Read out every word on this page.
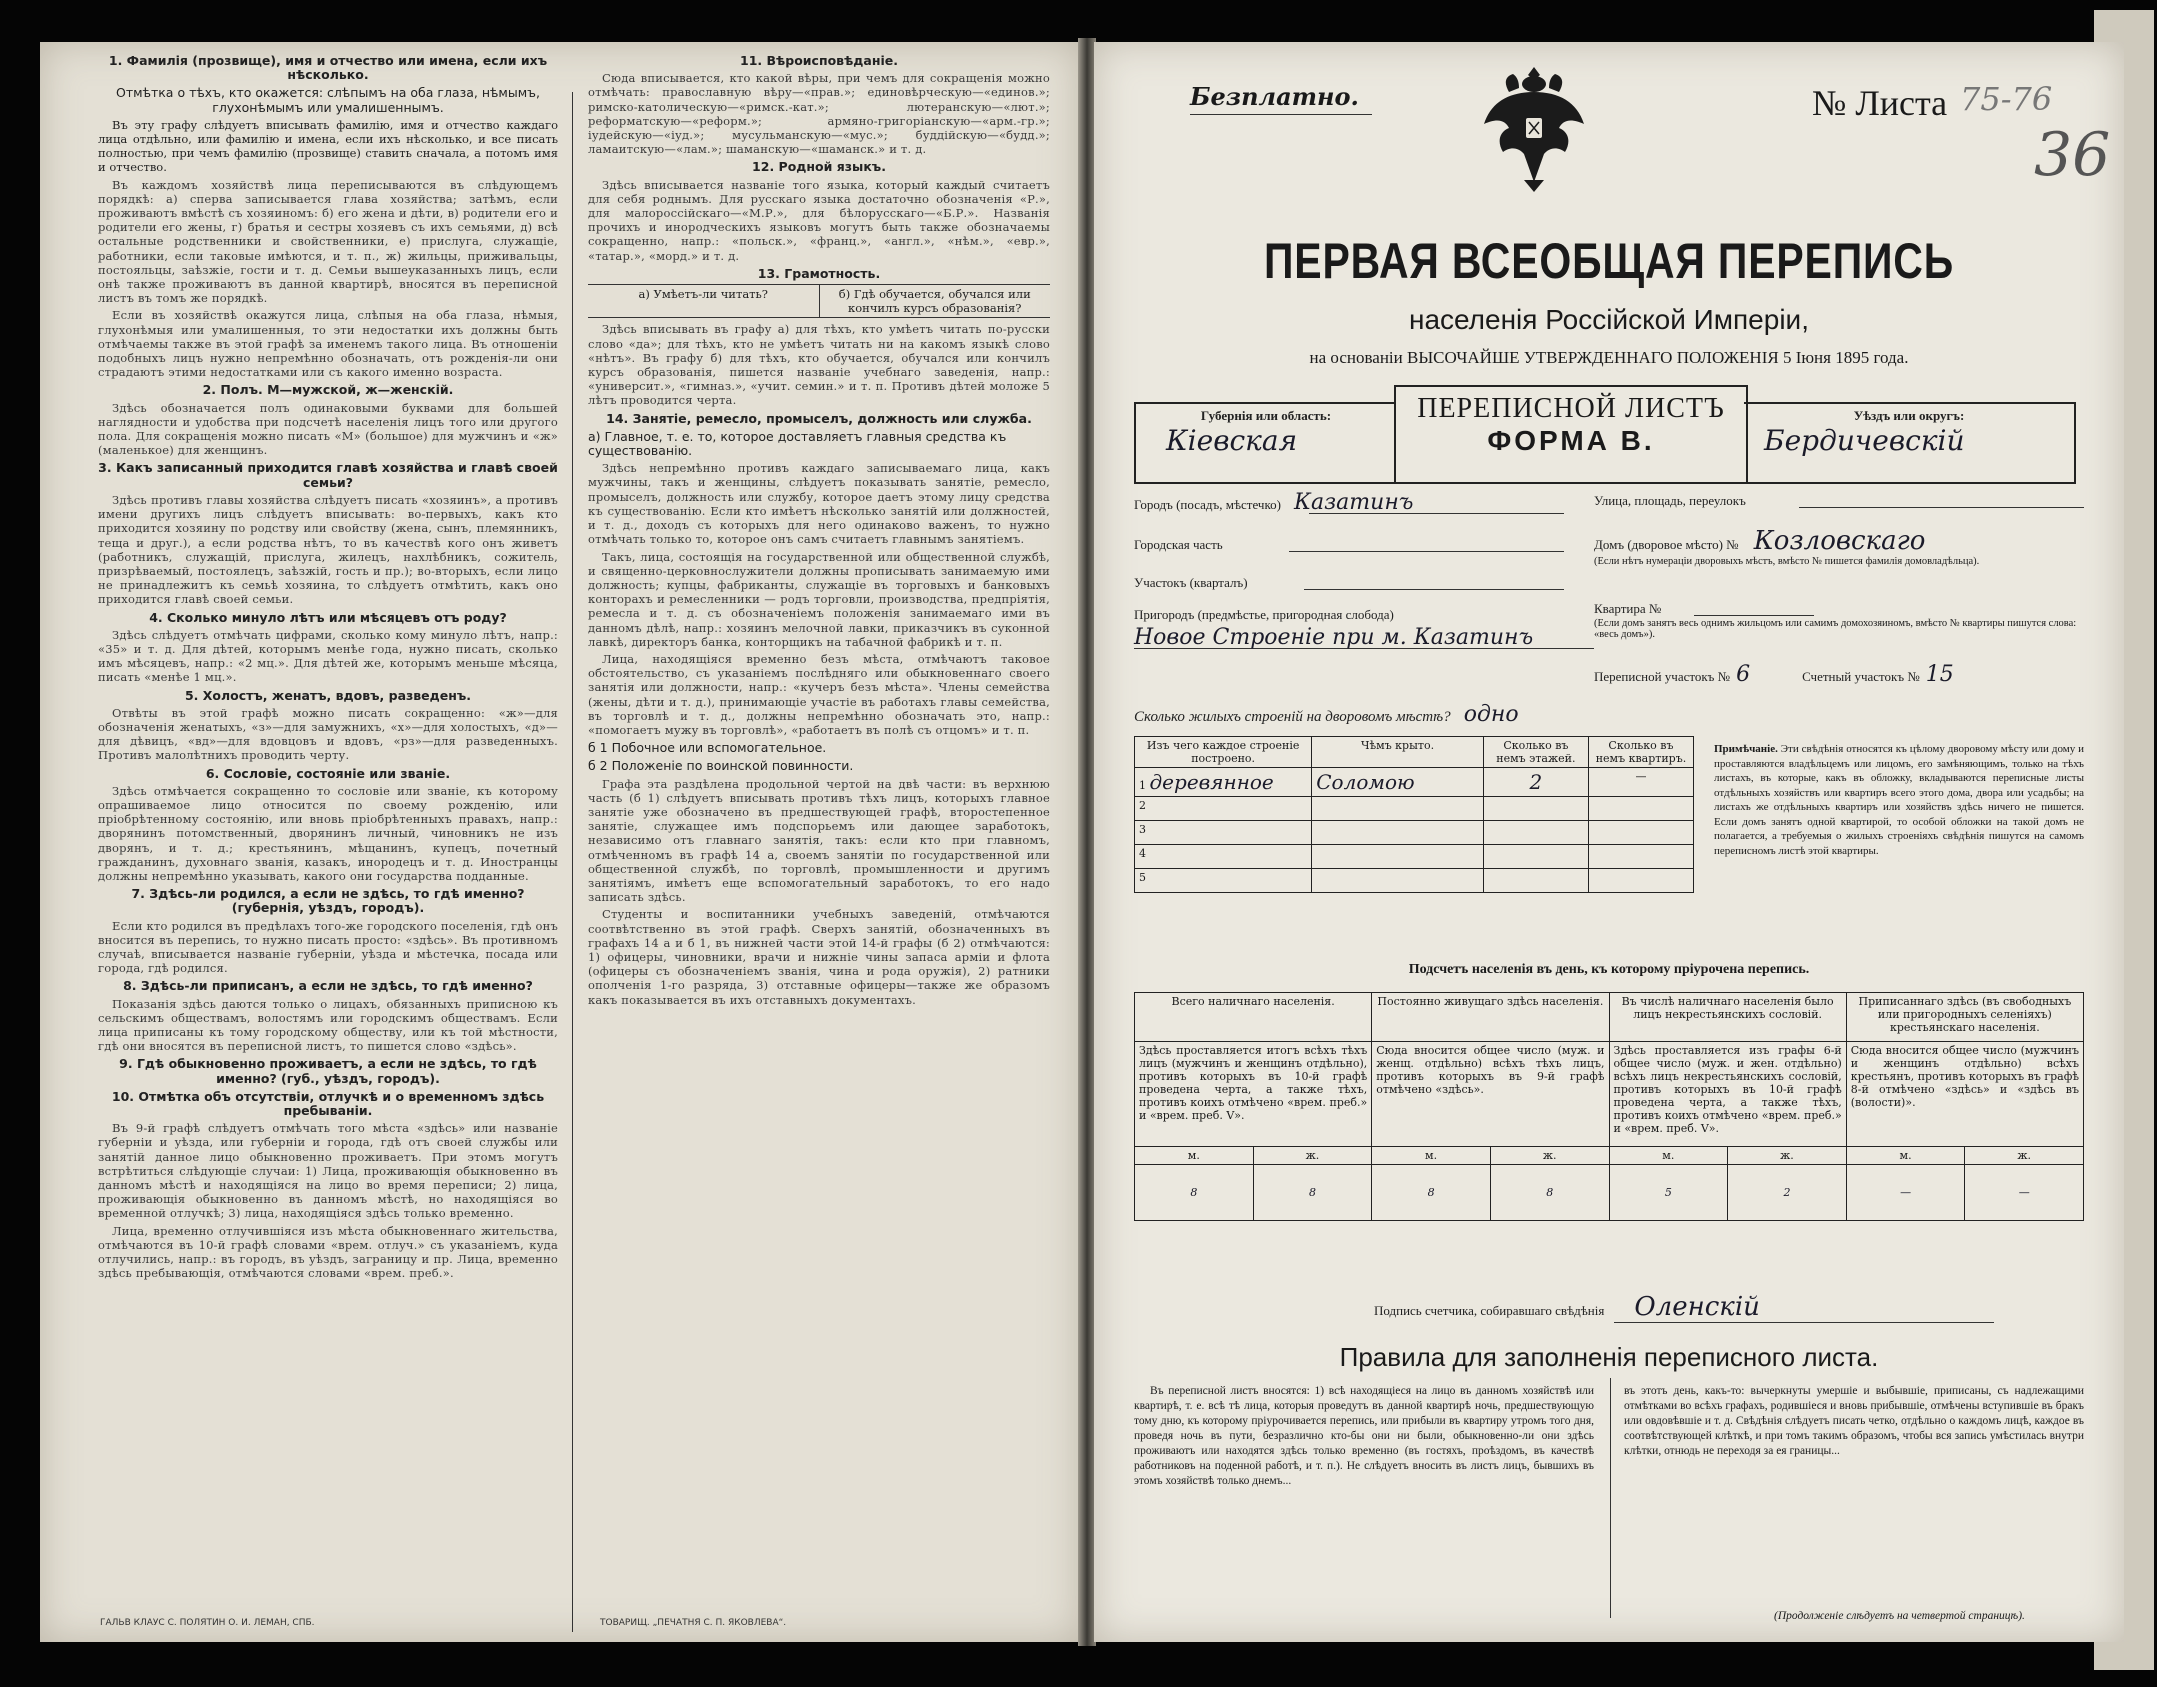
1. Фамилія (прозвище), имя и отчество или имена, если ихъ нѣсколько.
Отмѣтка о тѣхъ, кто окажется: слѣпымъ на оба глаза, нѣмымъ, глухонѣмымъ или умалишеннымъ.

Въ эту графу слѣдуетъ вписывать фамилію, имя и отчество каждаго лица отдѣльно, или фамилію и имена, если ихъ нѣсколько, и все писать полностью, при чемъ фамилію (прозвище) ставить сначала, а потомъ имя и отчество.

Въ каждомъ хозяйствѣ лица переписываются въ слѣдующемъ порядкѣ: а) сперва записывается глава хозяйства; затѣмъ, если проживаютъ вмѣстѣ съ хозяиномъ: б) его жена и дѣти, в) родители его и родители его жены, г) братья и сестры хозяевъ съ ихъ семьями, д) всѣ остальные родственники и свойственники, е) прислуга, служащіе, работники, если таковые имѣются, и т. п., ж) жильцы, приживальцы, постояльцы, заѣзжіе, гости и т. д. Семьи вышеуказанныхъ лицъ, если онѣ также проживаютъ въ данной квартирѣ, вносятся въ переписной листъ въ томъ же порядкѣ.

Если въ хозяйствѣ окажутся лица, слѣпыя на оба глаза, нѣмыя, глухонѣмыя или умалишенныя, то эти недостатки ихъ должны быть отмѣчаемы также въ этой графѣ за именемъ такого лица. Въ отношеніи подобныхъ лицъ нужно непремѣнно обозначать, отъ рожденія-ли они страдаютъ этими недостатками или съ какого именно возраста.

2. Полъ. М—мужской, ж—женскій.

Здѣсь обозначается полъ одинаковыми буквами для большей наглядности и удобства при подсчетѣ населенія лицъ того или другого пола. Для сокращенія можно писать «М» (большое) для мужчинъ и «ж» (маленькое) для женщинъ.

3. Какъ записанный приходится главѣ хозяйства и главѣ своей семьи?

Здѣсь противъ главы хозяйства слѣдуетъ писать «хозяинъ», а противъ имени другихъ лицъ слѣдуетъ вписывать: во-первыхъ, какъ кто приходится хозяину по родству или свойству (жена, сынъ, племянникъ, теща и друг.), а если родства нѣтъ, то въ качествѣ кого онъ живетъ (работникъ, служащій, прислуга, жилецъ, нахлѣбникъ, сожитель, призрѣваемый, постоялецъ, заѣзжій, гость и пр.); во-вторыхъ, если лицо не принадлежитъ къ семьѣ хозяина, то слѣдуетъ отмѣтить, какъ оно приходится главѣ своей семьи.

4. Сколько минуло лѣтъ или мѣсяцевъ отъ роду?

Здѣсь слѣдуетъ отмѣчать цифрами, сколько кому минуло лѣтъ, напр.: «35» и т. д. Для дѣтей, которымъ менѣе года, нужно писать, сколько имъ мѣсяцевъ, напр.: «2 мц.». Для дѣтей же, которымъ меньше мѣсяца, писать «менѣе 1 мц.».

5. Холостъ, женатъ, вдовъ, разведенъ.

Отвѣты въ этой графѣ можно писать сокращенно: «ж»—для обозначенія женатыхъ, «з»—для замужнихъ, «х»—для холостыхъ, «д»—для дѣвицъ, «вд»—для вдовцовъ и вдовъ, «рз»—для разведенныхъ. Противъ малолѣтнихъ проводить черту.

6. Сословіе, состояніе или званіе.

Здѣсь отмѣчается сокращенно то сословіе или званіе, къ которому опрашиваемое лицо относится по своему рожденію, или пріобрѣтенному состоянію, или вновь пріобрѣтенныхъ правахъ, напр.: дворянинъ потомственный, дворянинъ личный, чиновникъ не изъ дворянъ, и т. д.; крестьянинъ, мѣщанинъ, купецъ, почетный гражданинъ, духовнаго званія, казакъ, инородецъ и т. д. Иностранцы должны непремѣнно указывать, какого они государства подданные.

7. Здѣсь-ли родился, а если не здѣсь, то гдѣ именно? (губернія, уѣздъ, городъ).

Если кто родился въ предѣлахъ того-же городского поселенія, гдѣ онъ вносится въ перепись, то нужно писать просто: «здѣсь». Въ противномъ случаѣ, вписывается названіе губерніи, уѣзда и мѣстечка, посада или города, гдѣ родился.

8. Здѣсь-ли приписанъ, а если не здѣсь, то гдѣ именно?

Показанія здѣсь даются только о лицахъ, обязанныхъ приписною къ сельскимъ обществамъ, волостямъ или городскимъ обществамъ. Если лица приписаны къ тому городскому обществу, или къ той мѣстности, гдѣ они вносятся въ переписной листъ, то пишется слово «здѣсь».

9. Гдѣ обыкновенно проживаетъ, а если не здѣсь, то гдѣ именно? (губ., уѣздъ, городъ).
10. Отмѣтка объ отсутствіи, отлучкѣ и о временномъ здѣсь пребываніи.

Въ 9-й графѣ слѣдуетъ отмѣчать того мѣста «здѣсь» или названіе губерніи и уѣзда, или губерніи и города, гдѣ отъ своей службы или занятій данное лицо обыкновенно проживаетъ. При этомъ могутъ встрѣтиться слѣдующіе случаи: 1) Лица, проживающія обыкновенно въ данномъ мѣстѣ и находящіяся на лицо во время переписи; 2) лица, проживающія обыкновенно въ данномъ мѣстѣ, но находящіяся во временной отлучкѣ; 3) лица, находящіяся здѣсь только временно.

Лица, временно отлучившіяся изъ мѣста обыкновеннаго жительства, отмѣчаются въ 10-й графѣ словами «врем. отлуч.» съ указаніемъ, куда отлучились, напр.: въ городъ, въ уѣздъ, заграницу и пр. Лица, временно здѣсь пребывающія, отмѣчаются словами «врем. преб.».

ГАЛЬВ КЛАУС С. ПОЛЯТИН О. И. ЛЕМАН, СПБ.
11. Вѣроисповѣданіе.

Сюда вписывается, кто какой вѣры, при чемъ для сокращенія можно отмѣчать: православную вѣру—«прав.»; единовѣрческую—«единов.»; римско-католическую—«римск.-кат.»; лютеранскую—«лют.»; реформатскую—«реформ.»; армяно-григоріанскую—«арм.-гр.»; іудейскую—«іуд.»; мусульманскую—«мус.»; буддійскую—«будд.»; ламаитскую—«лам.»; шаманскую—«шаманск.» и т. д.

12. Родной языкъ.

Здѣсь вписывается названіе того языка, который каждый считаетъ для себя роднымъ. Для русскаго языка достаточно обозначенія «Р.», для малороссійскаго—«М.Р.», для бѣлорусскаго—«Б.Р.». Названія прочихъ и инородческихъ языковъ могутъ быть также обозначаемы сокращенно, напр.: «польск.», «франц.», «англ.», «нѣм.», «евр.», «татар.», «морд.» и т. д.

13. Грамотность.
а) Умѣетъ-ли читать?	б) Гдѣ обучается, обучался или кончилъ курсъ образованія?

Здѣсь вписывать въ графу а) для тѣхъ, кто умѣетъ читать по-русски слово «да»; для тѣхъ, кто не умѣетъ читать ни на какомъ языкѣ слово «нѣтъ». Въ графу б) для тѣхъ, кто обучается, обучался или кончилъ курсъ образованія, пишется названіе учебнаго заведенія, напр.: «университ.», «гимназ.», «учит. семин.» и т. п. Противъ дѣтей моложе 5 лѣтъ проводится черта.

14. Занятіе, ремесло, промыселъ, должность или служба.
а) Главное, т. е. то, которое доставляетъ главныя средства къ существованію.

Здѣсь непремѣнно противъ каждаго записываемаго лица, какъ мужчины, такъ и женщины, слѣдуетъ показывать занятіе, ремесло, промыселъ, должность или службу, которое даетъ этому лицу средства къ существованію. Если кто имѣетъ нѣсколько занятій или должностей, и т. д., доходъ съ которыхъ для него одинаково важенъ, то нужно отмѣчать только то, которое онъ самъ считаетъ главнымъ занятіемъ.

Такъ, лица, состоящія на государственной или общественной службѣ, и священно-церковнослужители должны прописывать занимаемую ими должность; купцы, фабриканты, служащіе въ торговыхъ и банковыхъ конторахъ и ремесленники — родъ торговли, производства, предпріятія, ремесла и т. д. съ обозначеніемъ положенія занимаемаго ими въ данномъ дѣлѣ, напр.: хозяинъ мелочной лавки, приказчикъ въ суконной лавкѣ, директоръ банка, конторщикъ на табачной фабрикѣ и т. п.

Лица, находящіяся временно безъ мѣста, отмѣчаютъ таковое обстоятельство, съ указаніемъ послѣдняго или обыкновеннаго своего занятія или должности, напр.: «кучеръ безъ мѣста». Члены семейства (жены, дѣти и т. д.), принимающіе участіе въ работахъ главы семейства, въ торговлѣ и т. д., должны непремѣнно обозначать это, напр.: «помогаетъ мужу въ торговлѣ», «работаетъ въ полѣ съ отцомъ» и т. п.

б 1 Побочное или вспомогательное.
б 2 Положеніе по воинской повинности.

Графа эта раздѣлена продольной чертой на двѣ части: въ верхнюю часть (б 1) слѣдуетъ вписывать противъ тѣхъ лицъ, которыхъ главное занятіе уже обозначено въ предшествующей графѣ, второстепенное занятіе, служащее имъ подспорьемъ или дающее заработокъ, независимо отъ главнаго занятія, такъ: если кто при главномъ, отмѣченномъ въ графѣ 14 а, своемъ занятіи по государственной или общественной службѣ, по торговлѣ, промышленности и другимъ занятіямъ, имѣетъ еще вспомогательный заработокъ, то его надо записать здѣсь.

Студенты и воспитанники учебныхъ заведеній, отмѣчаются соотвѣтственно въ этой графѣ. Сверхъ занятій, обозначенныхъ въ графахъ 14 а и б 1, въ нижней части этой 14-й графы (б 2) отмѣчаются: 1) офицеры, чиновники, врачи и нижніе чины запаса арміи и флота (офицеры съ обозначеніемъ званія, чина и рода оружія), 2) ратники ополченія 1-го разряда, 3) отставные офицеры—также же образомъ какъ показывается въ ихъ отставныхъ документахъ.

ТОВАРИЩ. „ПЕЧАТНЯ С. П. ЯКОВЛЕВА“.
Безплатно.	№ Листа 75-76
36
ПЕРВАЯ ВСЕОБЩАЯ ПЕРЕПИСЬ
населенія Россійской Имперіи,
на основаніи ВЫСОЧАЙШЕ УТВЕРЖДЕННАГО ПОЛОЖЕНІЯ 5 Іюня 1895 года.
ПЕРЕПИСНОЙ ЛИСТЪ
ФОРМА В.
Губернія или область:
Кіевская
Уѣздъ или округъ:
Бердичевскій
Городъ (посадъ, мѣстечко) Казатинъ
Городская часть
Участокъ (кварталъ)
Пригородъ (предмѣстье, пригородная слобода)
Новое Строеніе при м. Казатинъ
Улица, площадь, переулокъ
Домъ (дворовое мѣсто) № Козловскаго
(Если нѣтъ нумераціи дворовыхъ мѣстъ, вмѣсто № пишется фамилія домовладѣльца).
Квартира №
(Если домъ занятъ весь однимъ жильцомъ или самимъ домохозяиномъ, вмѣсто № квартиры пишутся слова: «весь домъ»).
Переписной участокъ № 6	Счетный участокъ № 15
Сколько жилыхъ строеній на дворовомъ мѣстѣ? одно
Изъ чего каждое строеніе построено.	Чѣмъ крыто.	Сколько въ немъ этажей.	Сколько въ немъ квартиръ.
1 деревянное	Соломою	2	—
2			
3			
4			
5			
Примѣчаніе. Эти свѣдѣнія относятся къ цѣлому дворовому мѣсту или дому и проставляются владѣльцемъ или лицомъ, его замѣняющимъ, только на тѣхъ листахъ, въ которые, какъ въ обложку, вкладываются переписные листы отдѣльныхъ хозяйствъ или квартиръ всего этого дома, двора или усадьбы; на листахъ же отдѣльныхъ квартиръ или хозяйствъ здѣсь ничего не пишется. Если домъ занятъ одной квартирой, то особой обложки на такой домъ не полагается, а требуемыя о жилыхъ строеніяхъ свѣдѣнія пишутся на самомъ переписномъ листѣ этой квартиры.
Подсчетъ населенія въ день, къ которому пріурочена перепись.
Всего наличнаго населенія.		Постоянно живущаго здѣсь населенія.		Въ числѣ наличнаго населенія было лицъ некрестьянскихъ сословій.		Приписаннаго здѣсь (въ свободныхъ или пригородныхъ селеніяхъ) крестьянскаго населенія.	
Здѣсь проставляется итогъ всѣхъ тѣхъ лицъ (мужчинъ и женщинъ отдѣльно), противъ которыхъ въ 10-й графѣ проведена черта, а также тѣхъ, противъ коихъ отмѣчено «врем. преб.» и «врем. преб. V».		Сюда вносится общее число (муж. и женщ. отдѣльно) всѣхъ тѣхъ лицъ, противъ которыхъ въ 9-й графѣ отмѣчено «здѣсь».		Здѣсь проставляется изъ графы 6-й общее число (муж. и жен. отдѣльно) всѣхъ лицъ некрестьянскихъ сословій, противъ которыхъ въ 10-й графѣ проведена черта, а также тѣхъ, противъ коихъ отмѣчено «врем. преб.» и «врем. преб. V».		Сюда вносится общее число (мужчинъ и женщинъ отдѣльно) всѣхъ крестьянъ, противъ которыхъ въ графѣ 8-й отмѣчено «здѣсь» и «здѣсь въ (волости)».	
м.	ж.	м.	ж.	м.	ж.	м.	ж.
8	8	8	8	5	2	—	—
Подпись счетчика, собиравшаго свѣдѣнія	Оленскій
Правила для заполненія переписного листа.
Въ переписной листъ вносятся: 1) всѣ находящіеся на лицо въ данномъ хозяйствѣ или квартирѣ, т. е. всѣ тѣ лица, которыя проведутъ въ данной квартирѣ ночь, предшествующую тому дню, къ которому пріурочивается перепись, или прибыли въ квартиру утромъ того дня, проведя ночь въ пути, безразлично кто-бы они ни были, обыкновенно-ли они здѣсь проживаютъ или находятся здѣсь только временно (въ гостяхъ, проѣздомъ, въ качествѣ работниковъ на поденной работѣ, и т. п.). Не слѣдуетъ вносить въ листъ лицъ, бывшихъ въ этомъ хозяйствѣ только днемъ...
въ этотъ день, какъ-то: вычеркнуты умершіе и выбывшіе, приписаны, съ надлежащими отмѣтками во всѣхъ графахъ, родившіеся и вновь прибывшіе, отмѣчены вступившіе въ бракъ или овдовѣвшіе и т. д. Свѣдѣнія слѣдуетъ писать четко, отдѣльно о каждомъ лицѣ, каждое въ соотвѣтствующей клѣткѣ, и при томъ такимъ образомъ, чтобы вся запись умѣстилась внутри клѣтки, отнюдь не переходя за ея границы...
(Продолженіе слѣдуетъ на четвертой страницѣ).
